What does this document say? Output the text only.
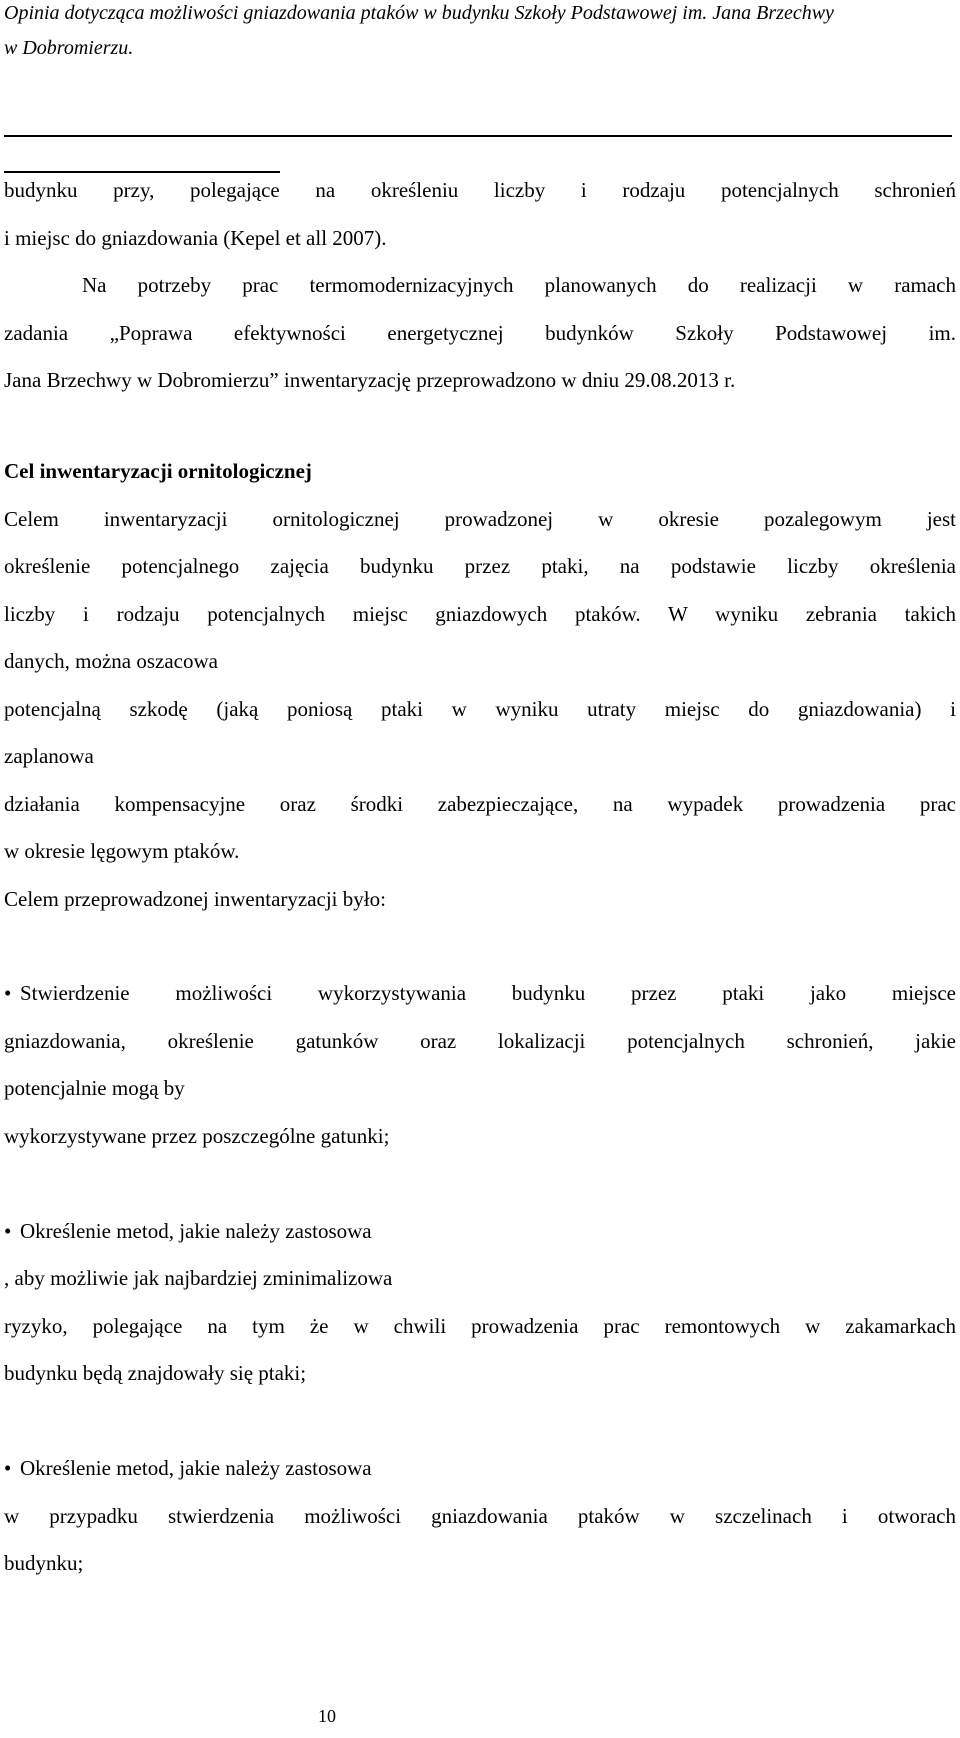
Opinia dotycząca możliwości gniazdowania ptaków w budynku Szkoły Podstawowej im. Jana Brzechwy
w Dobromierzu.
budynku przy, polegające na określeniu liczby i rodzaju potencjalnych schronień
i miejsc do gniazdowania (Kepel et all 2007).
Na potrzeby prac termomodernizacyjnych planowanych do realizacji w ramach
zadania „Poprawa efektywności energetycznej budynków Szkoły Podstawowej im.
Jana Brzechwy w Dobromierzu” inwentaryzację przeprowadzono w dniu 29.08.2013 r.
Cel inwentaryzacji ornitologicznej
Celem inwentaryzacji ornitologicznej prowadzonej w okresie pozalegowym jest
określenie potencjalnego zajęcia budynku przez ptaki, na podstawie liczby określenia
liczby i rodzaju potencjalnych miejsc gniazdowych ptaków. W wyniku zebrania takich
danych, można oszacowa
potencjalną szkodę (jaką poniosą ptaki w wyniku utraty miejsc do gniazdowania) i
zaplanowa
działania kompensacyjne oraz środki zabezpieczające, na wypadek prowadzenia prac
w okresie lęgowym ptaków.
Celem przeprowadzonej inwentaryzacji było:
• Stwierdzenie możliwości wykorzystywania budynku przez ptaki jako miejsce
gniazdowania, określenie gatunków oraz lokalizacji potencjalnych schronień, jakie
potencjalnie mogą by
wykorzystywane przez poszczególne gatunki;
• Określenie metod, jakie należy zastosowa
, aby możliwie jak najbardziej zminimalizowa
ryzyko, polegające na tym że w chwili prowadzenia prac remontowych w zakamarkach
budynku będą znajdowały się ptaki;
• Określenie metod, jakie należy zastosowa
w przypadku stwierdzenia możliwości gniazdowania ptaków w szczelinach i otworach
budynku;
10
